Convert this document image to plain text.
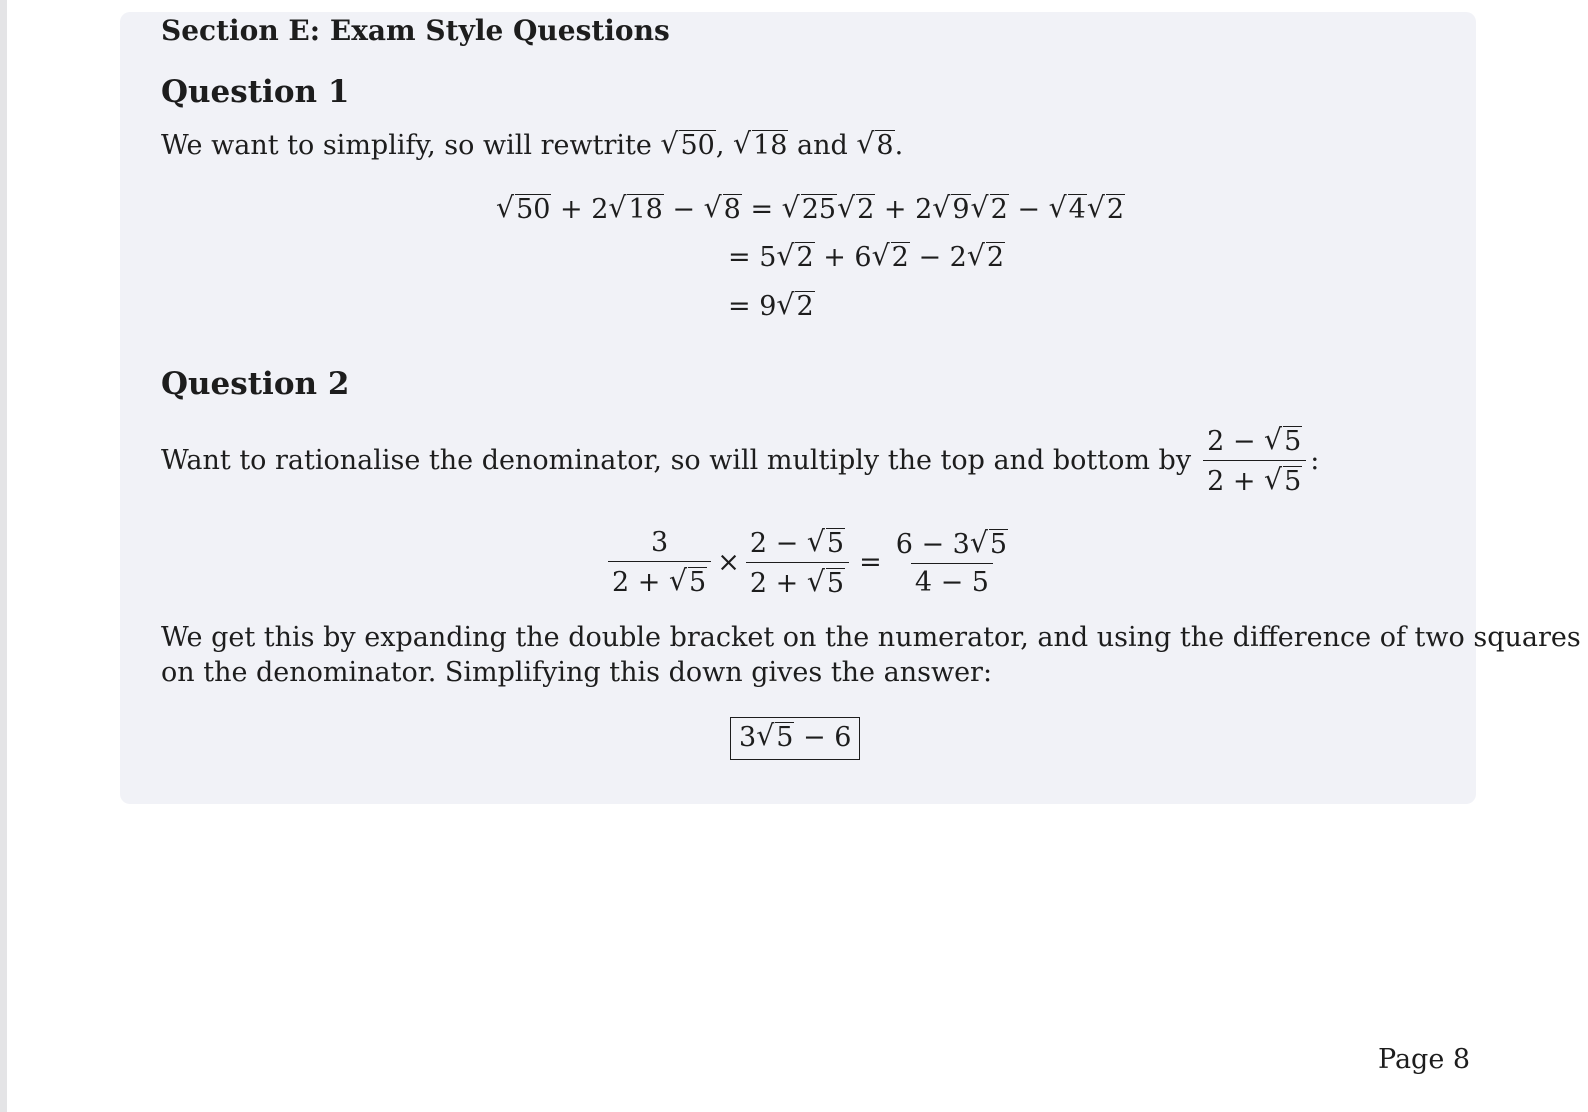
Section E: Exam Style Questions
Question 1
We want to simplify, so will rewtrite √50, √18 and √8.
√50 + 2√18 − √8 = √25√2 + 2√9√2 − √4√2
= 5√2 + 6√2 − 2√2
= 9√2
Question 2
Want to rationalise the denominator, so will multiply the top and bottom by $\frac{2 - √5}{2 + √5}$ :
$\frac{3}{2 + √5} \times \frac{2 - √5}{2 + √5} = \frac{6 - 3√5}{4 - 5}$
We get this by expanding the double bracket on the numerator, and using the difference of two squares
on the denominator. Simplifying this down gives the answer:
3√5 − 6
Page 8
